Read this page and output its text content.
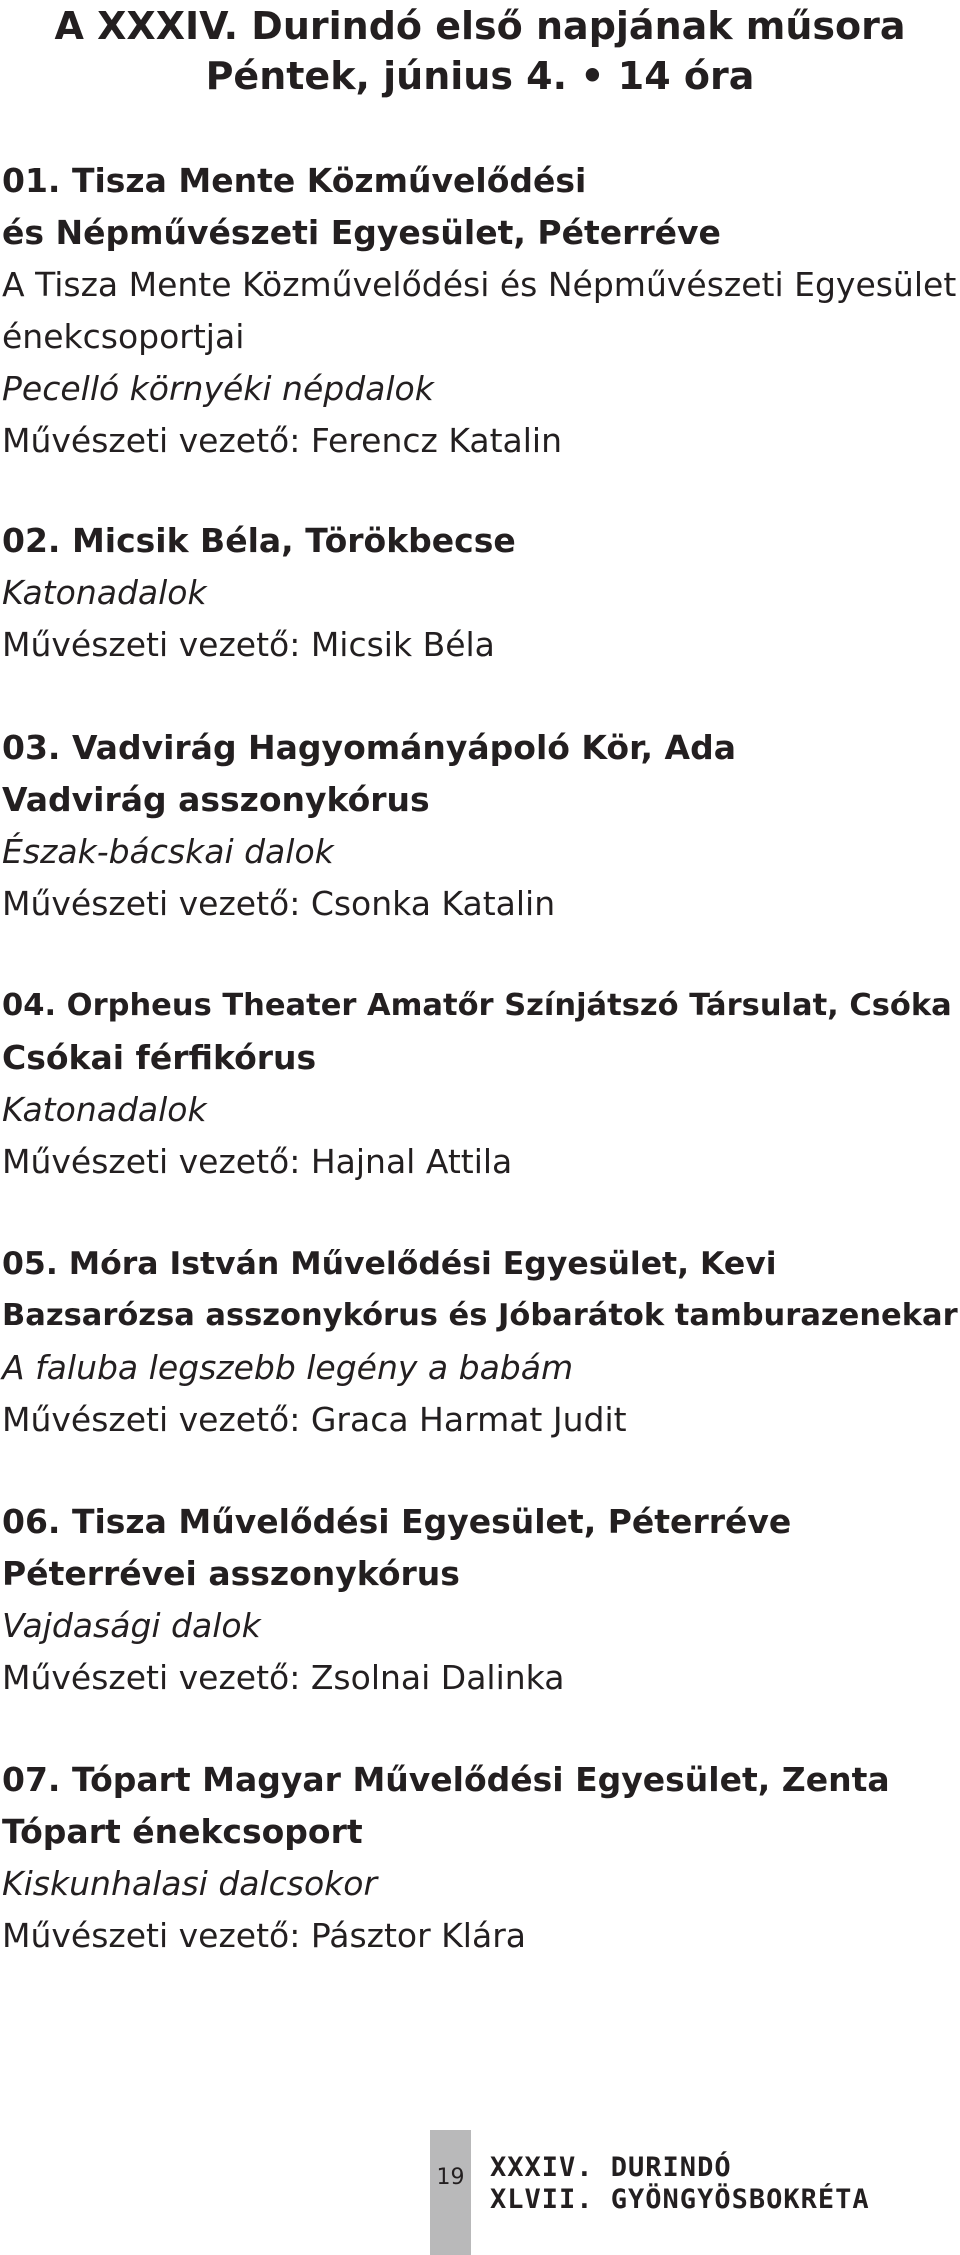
A XXXIV. Durindó első napjának műsora
Péntek, június 4. • 14 óra
01. Tisza Mente Közművelődési
és Népművészeti Egyesület, Péterréve
A Tisza Mente Közművelődési és Népművészeti Egyesület
énekcsoportjai
Pecelló környéki népdalok
Művészeti vezető: Ferencz Katalin
02. Micsik Béla, Törökbecse
Katonadalok
Művészeti vezető: Micsik Béla
03. Vadvirág Hagyományápoló Kör, Ada
Vadvirág asszonykórus
Észak-bácskai dalok
Művészeti vezető: Csonka Katalin
04. Orpheus Theater Amatőr Színjátszó Társulat, Csóka
Csókai férfikórus
Katonadalok
Művészeti vezető: Hajnal Attila
05. Móra István Művelődési Egyesület, Kevi
Bazsarózsa asszonykórus és Jóbarátok tamburazenekar
A faluba legszebb legény a babám
Művészeti vezető: Graca Harmat Judit
06. Tisza Művelődési Egyesület, Péterréve
Péterrévei asszonykórus
Vajdasági dalok
Művészeti vezető: Zsolnai Dalinka
07. Tópart Magyar Művelődési Egyesület, Zenta
Tópart énekcsoport
Kiskunhalasi dalcsokor
Művészeti vezető: Pásztor Klára
19 XXXIV. DURINDÓ
XLVII. GYÖNGYÖSBOKRÉTA
